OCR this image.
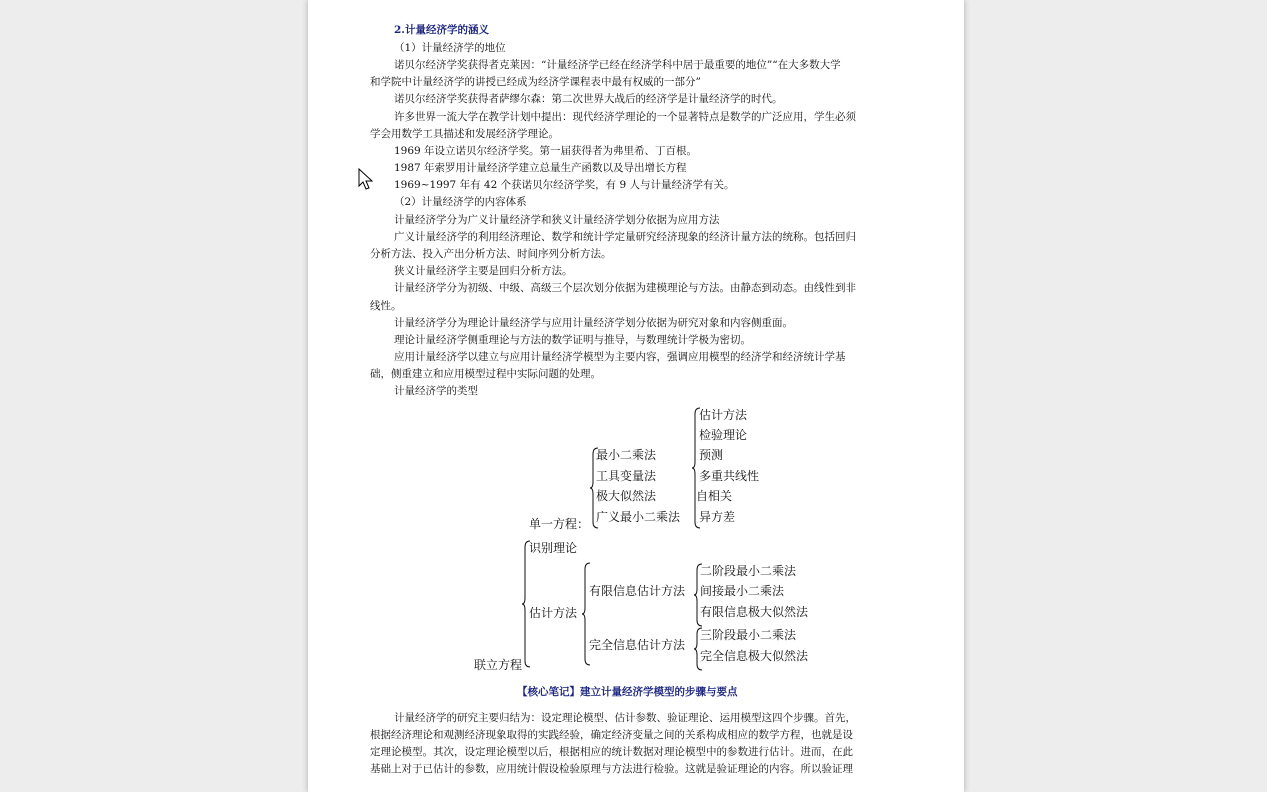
2.计量经济学的涵义
（1）计量经济学的地位
诺贝尔经济学奖获得者克莱因：“计量经济学已经在经济学科中居于最重要的地位”“在大多数大学
和学院中计量经济学的讲授已经成为经济学课程表中最有权威的一部分”
诺贝尔经济学奖获得者萨缪尔森：第二次世界大战后的经济学是计量经济学的时代。
许多世界一流大学在教学计划中提出：现代经济学理论的一个显著特点是数学的广泛应用，学生必须
学会用数学工具描述和发展经济学理论。
1969 年设立诺贝尔经济学奖。第一届获得者为弗里希、丁百根。
1987 年索罗用计量经济学建立总量生产函数以及导出增长方程
1969~1997 年有 42 个获诺贝尔经济学奖，有 9 人与计量经济学有关。
（2）计量经济学的内容体系
计量经济学分为广义计量经济学和狭义计量经济学划分依据为应用方法
广义计量经济学的利用经济理论、数学和统计学定量研究经济现象的经济计量方法的统称。包括回归
分析方法、投入产出分析方法、时间序列分析方法。
狭义计量经济学主要是回归分析方法。
计量经济学分为初级、中级、高级三个层次划分依据为建模理论与方法。由静态到动态。由线性到非
线性。
计量经济学分为理论计量经济学与应用计量经济学划分依据为研究对象和内容侧重面。
理论计量经济学侧重理论与方法的数学证明与推导，与数理统计学极为密切。
应用计量经济学以建立与应用计量经济学模型为主要内容，强调应用模型的经济学和经济统计学基
础，侧重建立和应用模型过程中实际问题的处理。
计量经济学的类型
单一方程：
最小二乘法
工具变量法
极大似然法
广义最小二乘法
估计方法
检验理论
预测
多重共线性
自相关
异方差
联立方程
识别理论
估计方法
有限信息估计方法
完全信息估计方法
二阶段最小二乘法
间接最小二乘法
有限信息极大似然法
三阶段最小二乘法
完全信息极大似然法
【核心笔记】建立计量经济学模型的步骤与要点
计量经济学的研究主要归结为：设定理论模型、估计参数、验证理论、运用模型这四个步骤。首先，
根据经济理论和观测经济现象取得的实践经验，确定经济变量之间的关系构成相应的数学方程，也就是设
定理论模型。其次，设定理论模型以后，根据相应的统计数据对理论模型中的参数进行估计。进而，在此
基础上对于已估计的参数，应用统计假设检验原理与方法进行检验。这就是验证理论的内容。所以验证理
